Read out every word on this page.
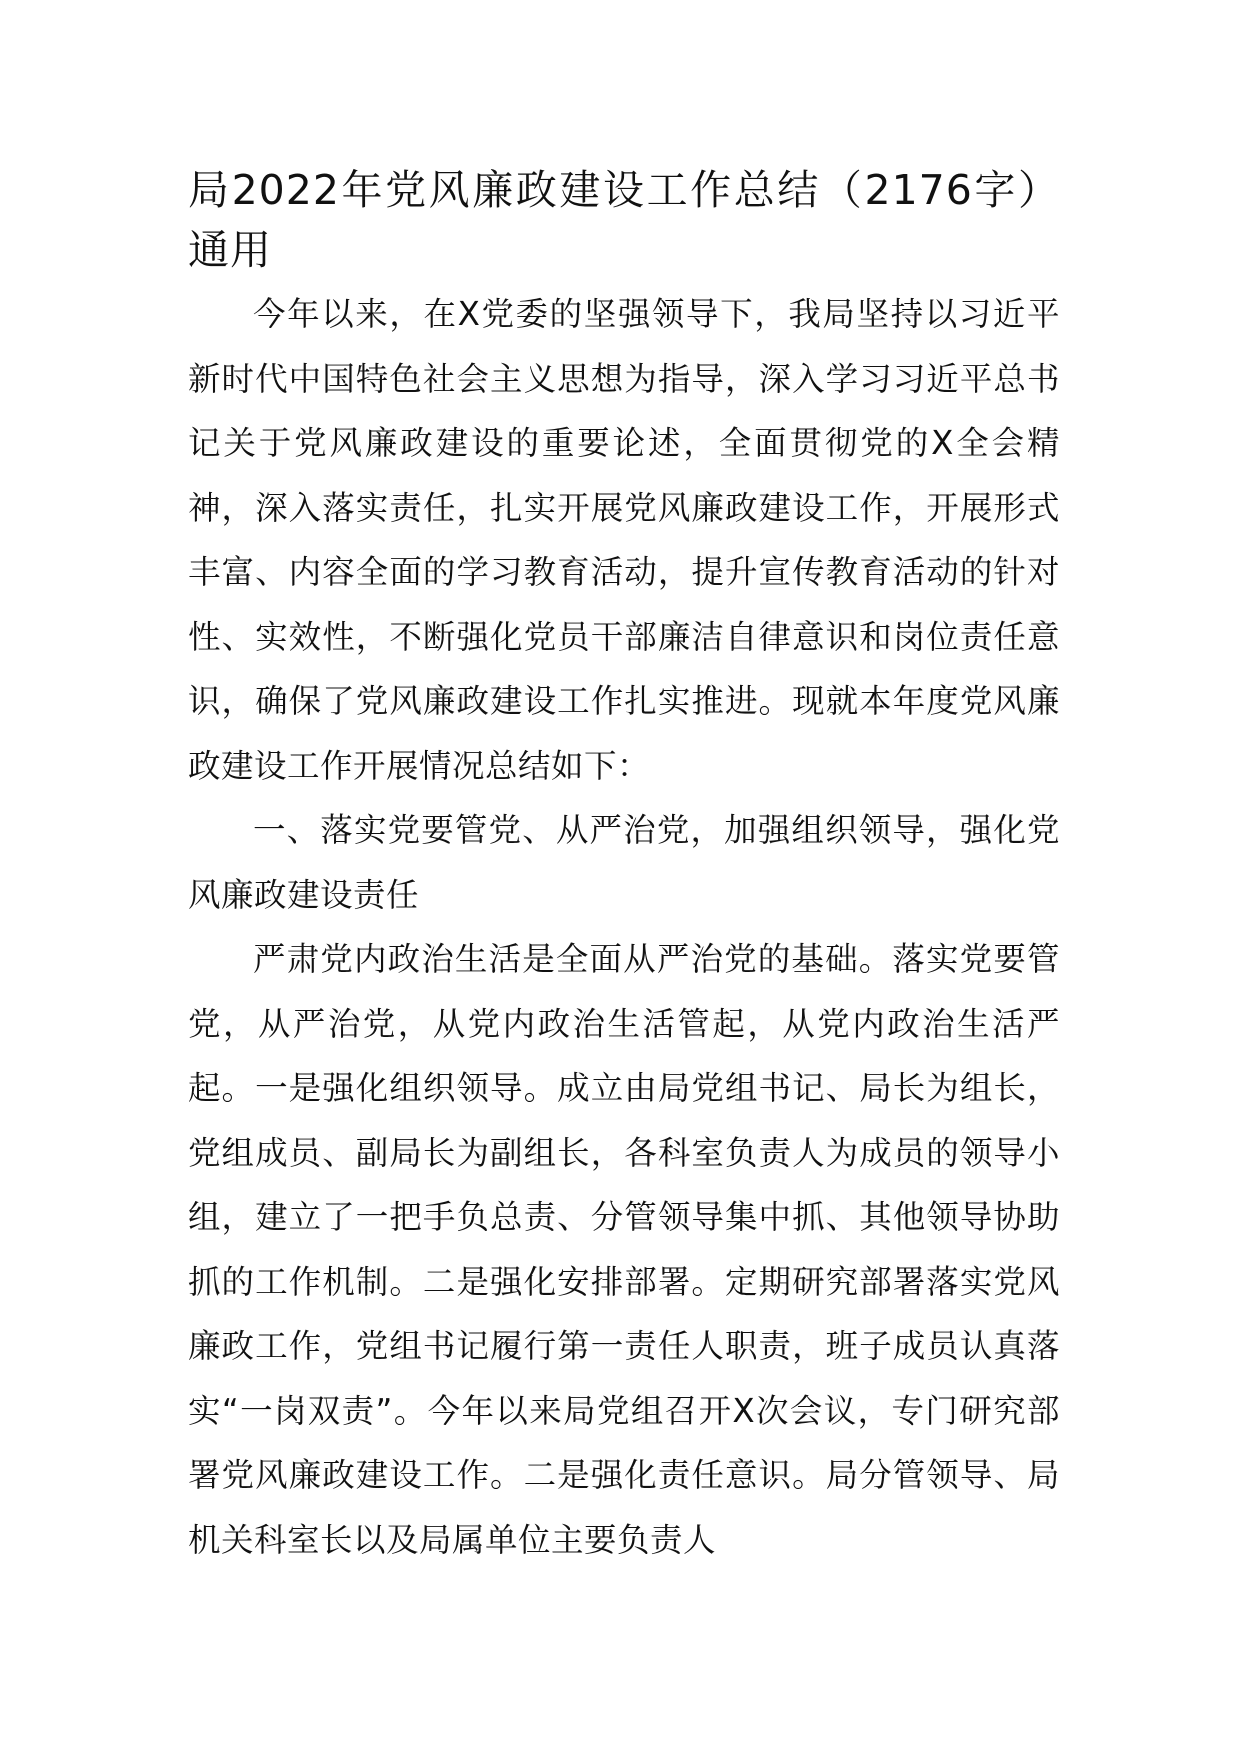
局2022年党风廉政建设工作总结（2176字）通用

今年以来，在X党委的坚强领导下，我局坚持以习近平新时代中国特色社会主义思想为指导，深入学习习近平总书记关于党风廉政建设的重要论述，全面贯彻党的X全会精神，深入落实责任，扎实开展党风廉政建设工作，开展形式丰富、内容全面的学习教育活动，提升宣传教育活动的针对性、实效性，不断强化党员干部廉洁自律意识和岗位责任意识，确保了党风廉政建设工作扎实推进。现就本年度党风廉政建设工作开展情况总结如下：

一、落实党要管党、从严治党，加强组织领导，强化党风廉政建设责任

严肃党内政治生活是全面从严治党的基础。落实党要管党，从严治党，从党内政治生活管起，从党内政治生活严起。一是强化组织领导。成立由局党组书记、局长为组长，党组成员、副局长为副组长，各科室负责人为成员的领导小组，建立了一把手负总责、分管领导集中抓、其他领导协助抓的工作机制。二是强化安排部署。定期研究部署落实党风廉政工作，党组书记履行第一责任人职责，班子成员认真落实“一岗双责”。今年以来局党组召开X次会议，专门研究部署党风廉政建设工作。二是强化责任意识。局分管领导、局机关科室长以及局属单位主要负责人
